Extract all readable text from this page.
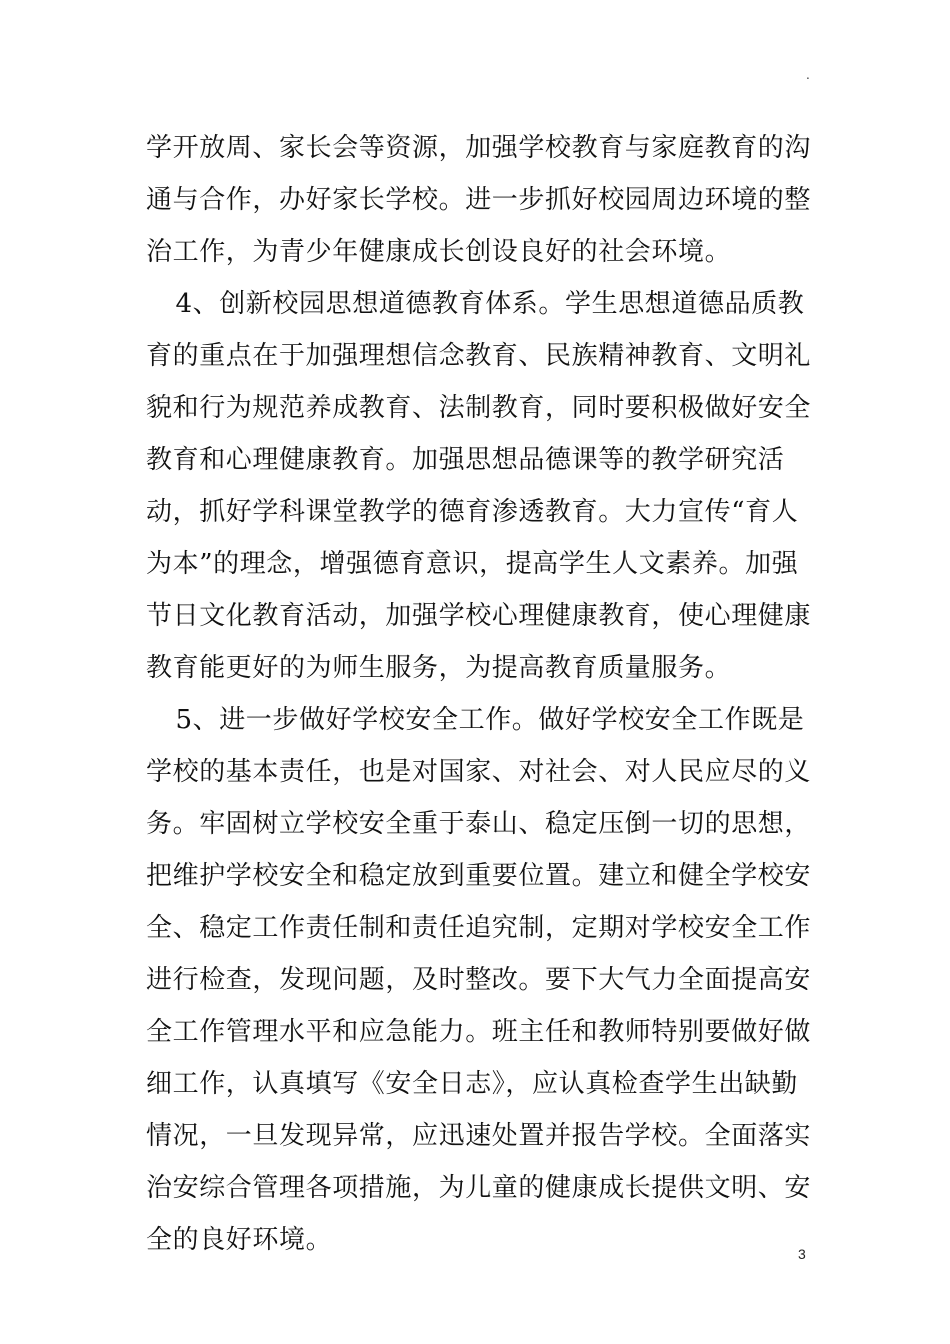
.
学开放周、家长会等资源，加强学校教育与家庭教育的沟
通与合作，办好家长学校。进一步抓好校园周边环境的整
治工作，为青少年健康成长创设良好的社会环境。
4、创新校园思想道德教育体系。学生思想道德品质教
育的重点在于加强理想信念教育、民族精神教育、文明礼
貌和行为规范养成教育、法制教育，同时要积极做好安全
教育和心理健康教育。加强思想品德课等的教学研究活
动，抓好学科课堂教学的德育渗透教育。大力宣传“育人
为本”的理念，增强德育意识，提高学生人文素养。加强
节日文化教育活动，加强学校心理健康教育，使心理健康
教育能更好的为师生服务，为提高教育质量服务。
5、进一步做好学校安全工作。做好学校安全工作既是
学校的基本责任，也是对国家、对社会、对人民应尽的义
务。牢固树立学校安全重于泰山、稳定压倒一切的思想，
把维护学校安全和稳定放到重要位置。建立和健全学校安
全、稳定工作责任制和责任追究制，定期对学校安全工作
进行检查，发现问题，及时整改。要下大气力全面提高安
全工作管理水平和应急能力。班主任和教师特别要做好做
细工作，认真填写《安全日志》，应认真检查学生出缺勤
情况，一旦发现异常，应迅速处置并报告学校。全面落实
治安综合管理各项措施，为儿童的健康成长提供文明、安
全的良好环境。	3
